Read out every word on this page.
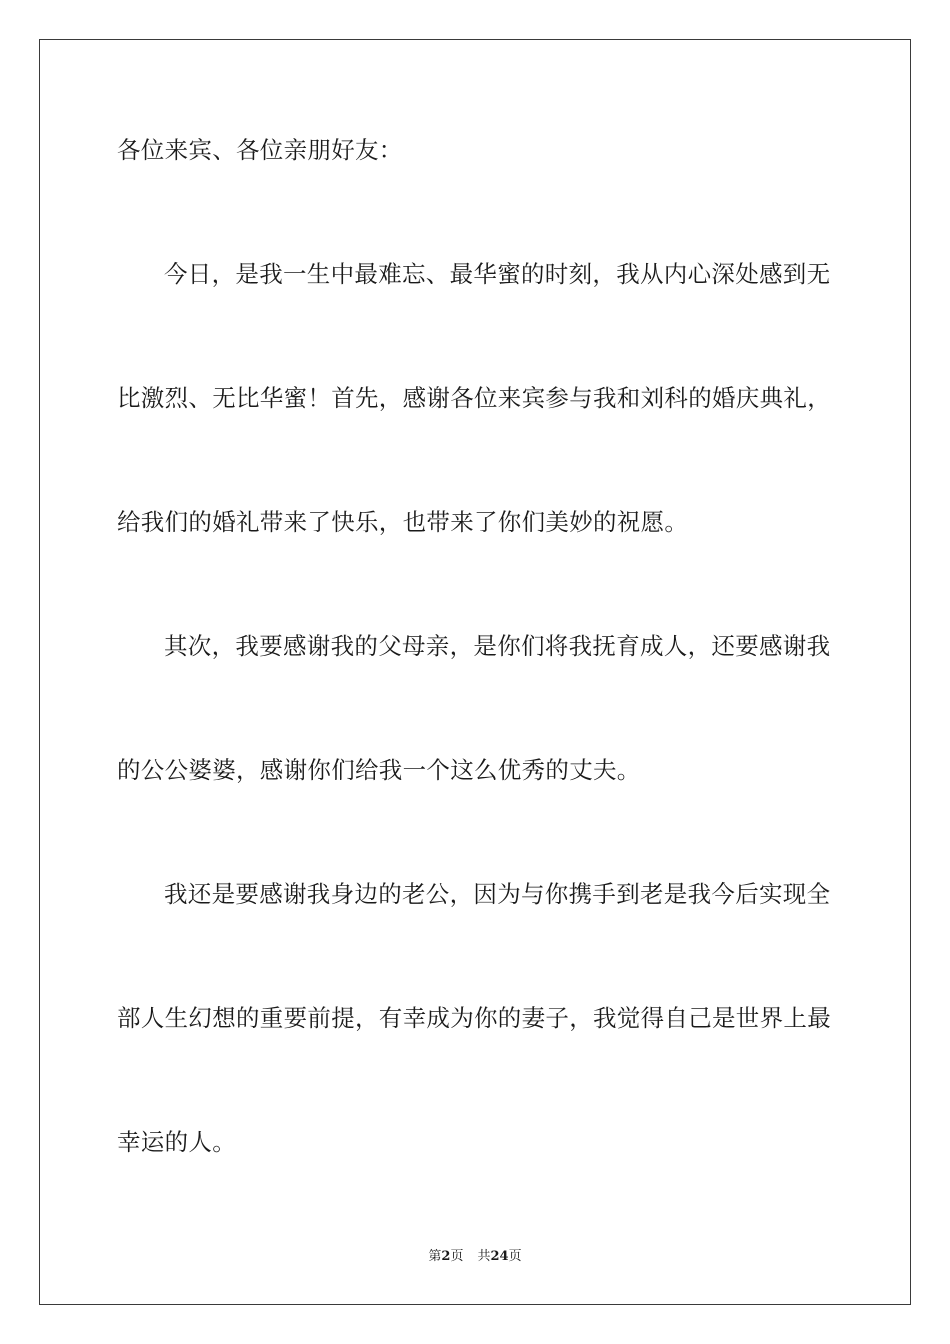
各位来宾、各位亲朋好友：
今日，是我一生中最难忘、最华蜜的时刻，我从内心深处感到无
比激烈、无比华蜜！首先，感谢各位来宾参与我和刘科的婚庆典礼，
给我们的婚礼带来了快乐，也带来了你们美妙的祝愿。
其次，我要感谢我的父母亲，是你们将我抚育成人，还要感谢我
的公公婆婆，感谢你们给我一个这么优秀的丈夫。
我还是要感谢我身边的老公，因为与你携手到老是我今后实现全
部人生幻想的重要前提，有幸成为你的妻子，我觉得自己是世界上最
幸运的人。
第2页 共24页
